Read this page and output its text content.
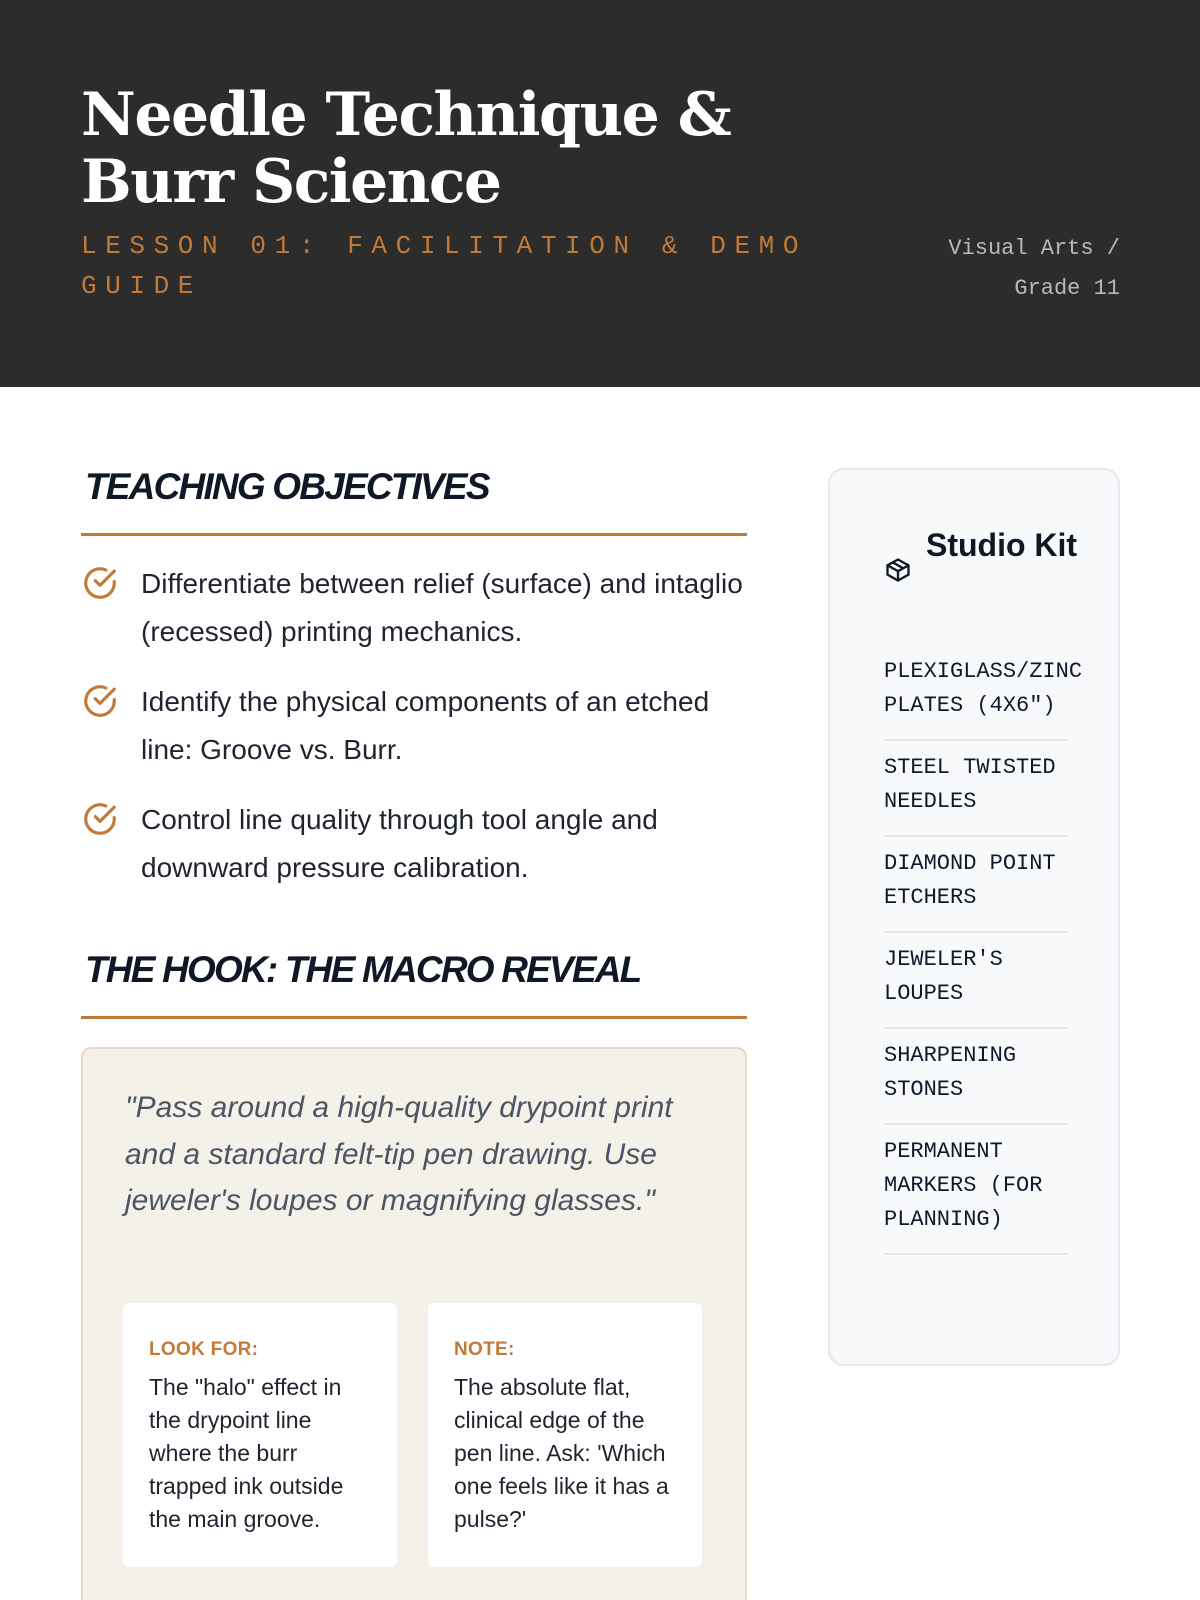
Needle Technique & Burr Science
LESSON 01: FACILITATION & DEMO GUIDE
Visual Arts / Grade 11
TEACHING OBJECTIVES
Differentiate between relief (surface) and intaglio (recessed) printing mechanics.
Identify the physical components of an etched line: Groove vs. Burr.
Control line quality through tool angle and downward pressure calibration.
THE HOOK: THE MACRO REVEAL

"Pass around a high-quality drypoint print and a standard felt-tip pen drawing. Use jeweler's loupes or magnifying glasses."

LOOK FOR:
The "halo" effect in the drypoint line where the burr trapped ink outside the main groove.
NOTE:
The absolute flat, clinical edge of the pen line. Ask: 'Which one feels like it has a pulse?'
Studio Kit
PLEXIGLASS/ZINC PLATES (4X6")
STEEL TWISTED NEEDLES
DIAMOND POINT ETCHERS
JEWELER'S LOUPES
SHARPENING STONES
PERMANENT MARKERS (FOR PLANNING)
